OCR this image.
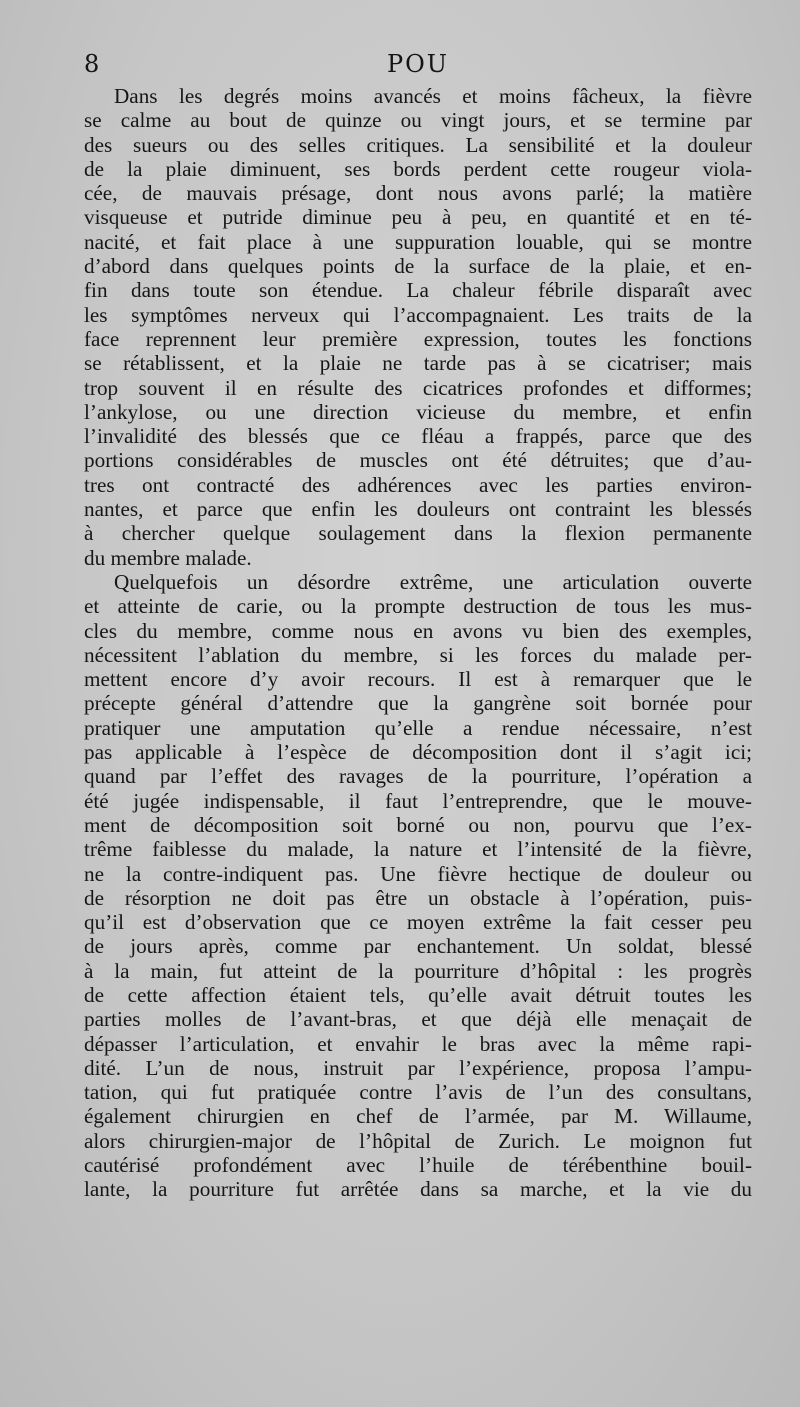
8	POU
Dans les degrés moins avancés et moins fâcheux, la fièvre
se calme au bout de quinze ou vingt jours, et se termine par
des sueurs ou des selles critiques. La sensibilité et la douleur
de la plaie diminuent, ses bords perdent cette rougeur viola-
cée, de mauvais présage, dont nous avons parlé; la matière
visqueuse et putride diminue peu à peu, en quantité et en té-
nacité, et fait place à une suppuration louable, qui se montre
d’abord dans quelques points de la surface de la plaie, et en-
fin dans toute son étendue. La chaleur fébrile disparaît avec
les symptômes nerveux qui l’accompagnaient. Les traits de la
face reprennent leur première expression, toutes les fonctions
se rétablissent, et la plaie ne tarde pas à se cicatriser; mais
trop souvent il en résulte des cicatrices profondes et difformes;
l’ankylose, ou une direction vicieuse du membre, et enfin
l’invalidité des blessés que ce fléau a frappés, parce que des
portions considérables de muscles ont été détruites; que d’au-
tres ont contracté des adhérences avec les parties environ-
nantes, et parce que enfin les douleurs ont contraint les blessés
à chercher quelque soulagement dans la flexion permanente
du membre malade.
Quelquefois un désordre extrême, une articulation ouverte
et atteinte de carie, ou la prompte destruction de tous les mus-
cles du membre, comme nous en avons vu bien des exemples,
nécessitent l’ablation du membre, si les forces du malade per-
mettent encore d’y avoir recours. Il est à remarquer que le
précepte général d’attendre que la gangrène soit bornée pour
pratiquer une amputation qu’elle a rendue nécessaire, n’est
pas applicable à l’espèce de décomposition dont il s’agit ici;
quand par l’effet des ravages de la pourriture, l’opération a
été jugée indispensable, il faut l’entreprendre, que le mouve-
ment de décomposition soit borné ou non, pourvu que l’ex-
trême faiblesse du malade, la nature et l’intensité de la fièvre,
ne la contre-indiquent pas. Une fièvre hectique de douleur ou
de résorption ne doit pas être un obstacle à l’opération, puis-
qu’il est d’observation que ce moyen extrême la fait cesser peu
de jours après, comme par enchantement. Un soldat, blessé
à la main, fut atteint de la pourriture d’hôpital : les progrès
de cette affection étaient tels, qu’elle avait détruit toutes les
parties molles de l’avant-bras, et que déjà elle menaçait de
dépasser l’articulation, et envahir le bras avec la même rapi-
dité. L’un de nous, instruit par l’expérience, proposa l’ampu-
tation, qui fut pratiquée contre l’avis de l’un des consultans,
également chirurgien en chef de l’armée, par M. Willaume,
alors chirurgien-major de l’hôpital de Zurich. Le moignon fut
cautérisé profondément avec l’huile de térébenthine bouil-
lante, la pourriture fut arrêtée dans sa marche, et la vie du
